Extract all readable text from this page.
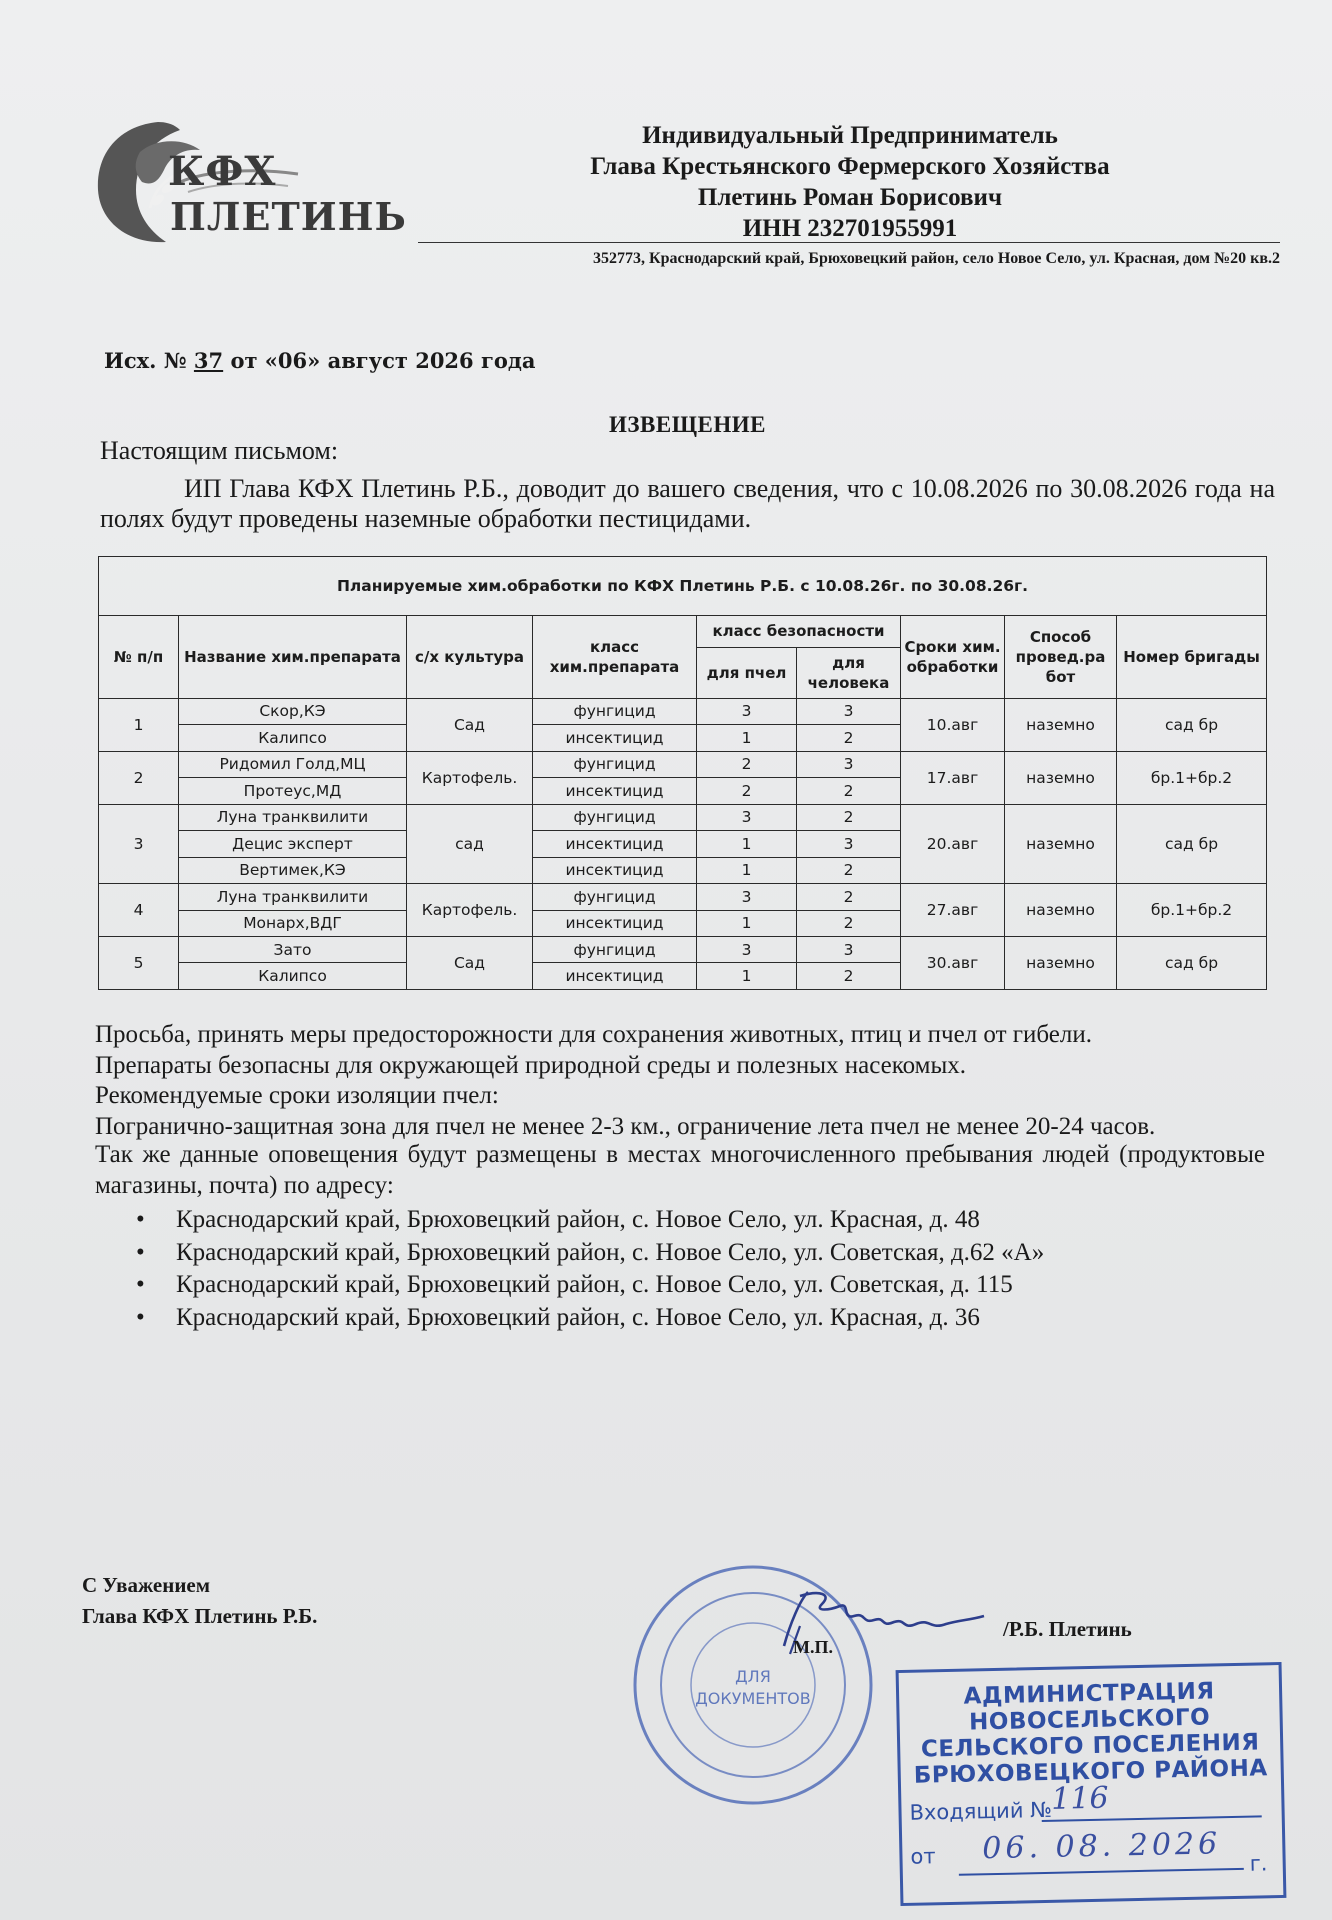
КФХ
ПЛЕТИНЬ
Индивидуальный Предприниматель
Глава Крестьянского Фермерского Хозяйства
Плетинь Роман Борисович
ИНН 232701955991
352773, Краснодарский край, Брюховецкий район, село Новое Село, ул. Красная, дом №20 кв.2
Исх. № 37 от «06» август 2026 года
ИЗВЕЩЕНИЕ
Настоящим письмом:
ИП Глава КФХ Плетинь Р.Б., доводит до вашего сведения, что с 10.08.2026 по 30.08.2026 года на полях будут проведены наземные обработки пестицидами.
Планируемые хим.обработки по КФХ Плетинь Р.Б. с 10.08.26г. по 30.08.26г.								
№ п/п	Название хим.препарата	с/х культура	класс хим.препарата	класс безопасности		Сроки хим. обработки	Способ провед.ра бот	Номер бригады
				для пчел	для человека			
1	Скор,КЭ	Сад	фунгицид	3	3	10.авг	наземно	сад бр
	Калипсо		инсектицид	1	2			
2	Ридомил Голд,МЦ	Картофель.	фунгицид	2	3	17.авг	наземно	бр.1+бр.2
	Протеус,МД		инсектицид	2	2			
3	Луна транквилити	сад	фунгицид	3	2	20.авг	наземно	сад бр
	Децис эксперт		инсектицид	1	3			
	Вертимек,КЭ		инсектицид	1	2			
4	Луна транквилити	Картофель.	фунгицид	3	2	27.авг	наземно	бр.1+бр.2
	Монарх,ВДГ		инсектицид	1	2			
5	Зато	Сад	фунгицид	3	3	30.авг	наземно	сад бр
	Калипсо		инсектицид	1	2			
Просьба, принять меры предосторожности для сохранения животных, птиц и пчел от гибели.
Препараты безопасны для окружающей природной среды и полезных насекомых.
Рекомендуемые сроки изоляции пчел:
Погранично-защитная зона для пчел не менее 2-3 км., ограничение лета пчел не менее 20-24 часов.
Так же данные оповещения будут размещены в местах многочисленного пребывания людей (продуктовые магазины, почта) по адресу:
• Краснодарский край, Брюховецкий район, с. Новое Село, ул. Красная, д. 48
• Краснодарский край, Брюховецкий район, с. Новое Село, ул. Советская, д.62 «А»
• Краснодарский край, Брюховецкий район, с. Новое Село, ул. Советская, д. 115
• Краснодарский край, Брюховецкий район, с. Новое Село, ул. Красная, д. 36
С Уважением
Глава КФХ Плетинь Р.Б.
ДЛЯ
ДОКУМЕНТОВ
/Р.Б. Плетинь
М.П.
АДМИНИСТРАЦИЯ
НОВОСЕЛЬСКОГО
СЕЛЬСКОГО ПОСЕЛЕНИЯ
БРЮХОВЕЦКОГО РАЙОНА
Входящий №
116
от 06. 08. 2026 г.
